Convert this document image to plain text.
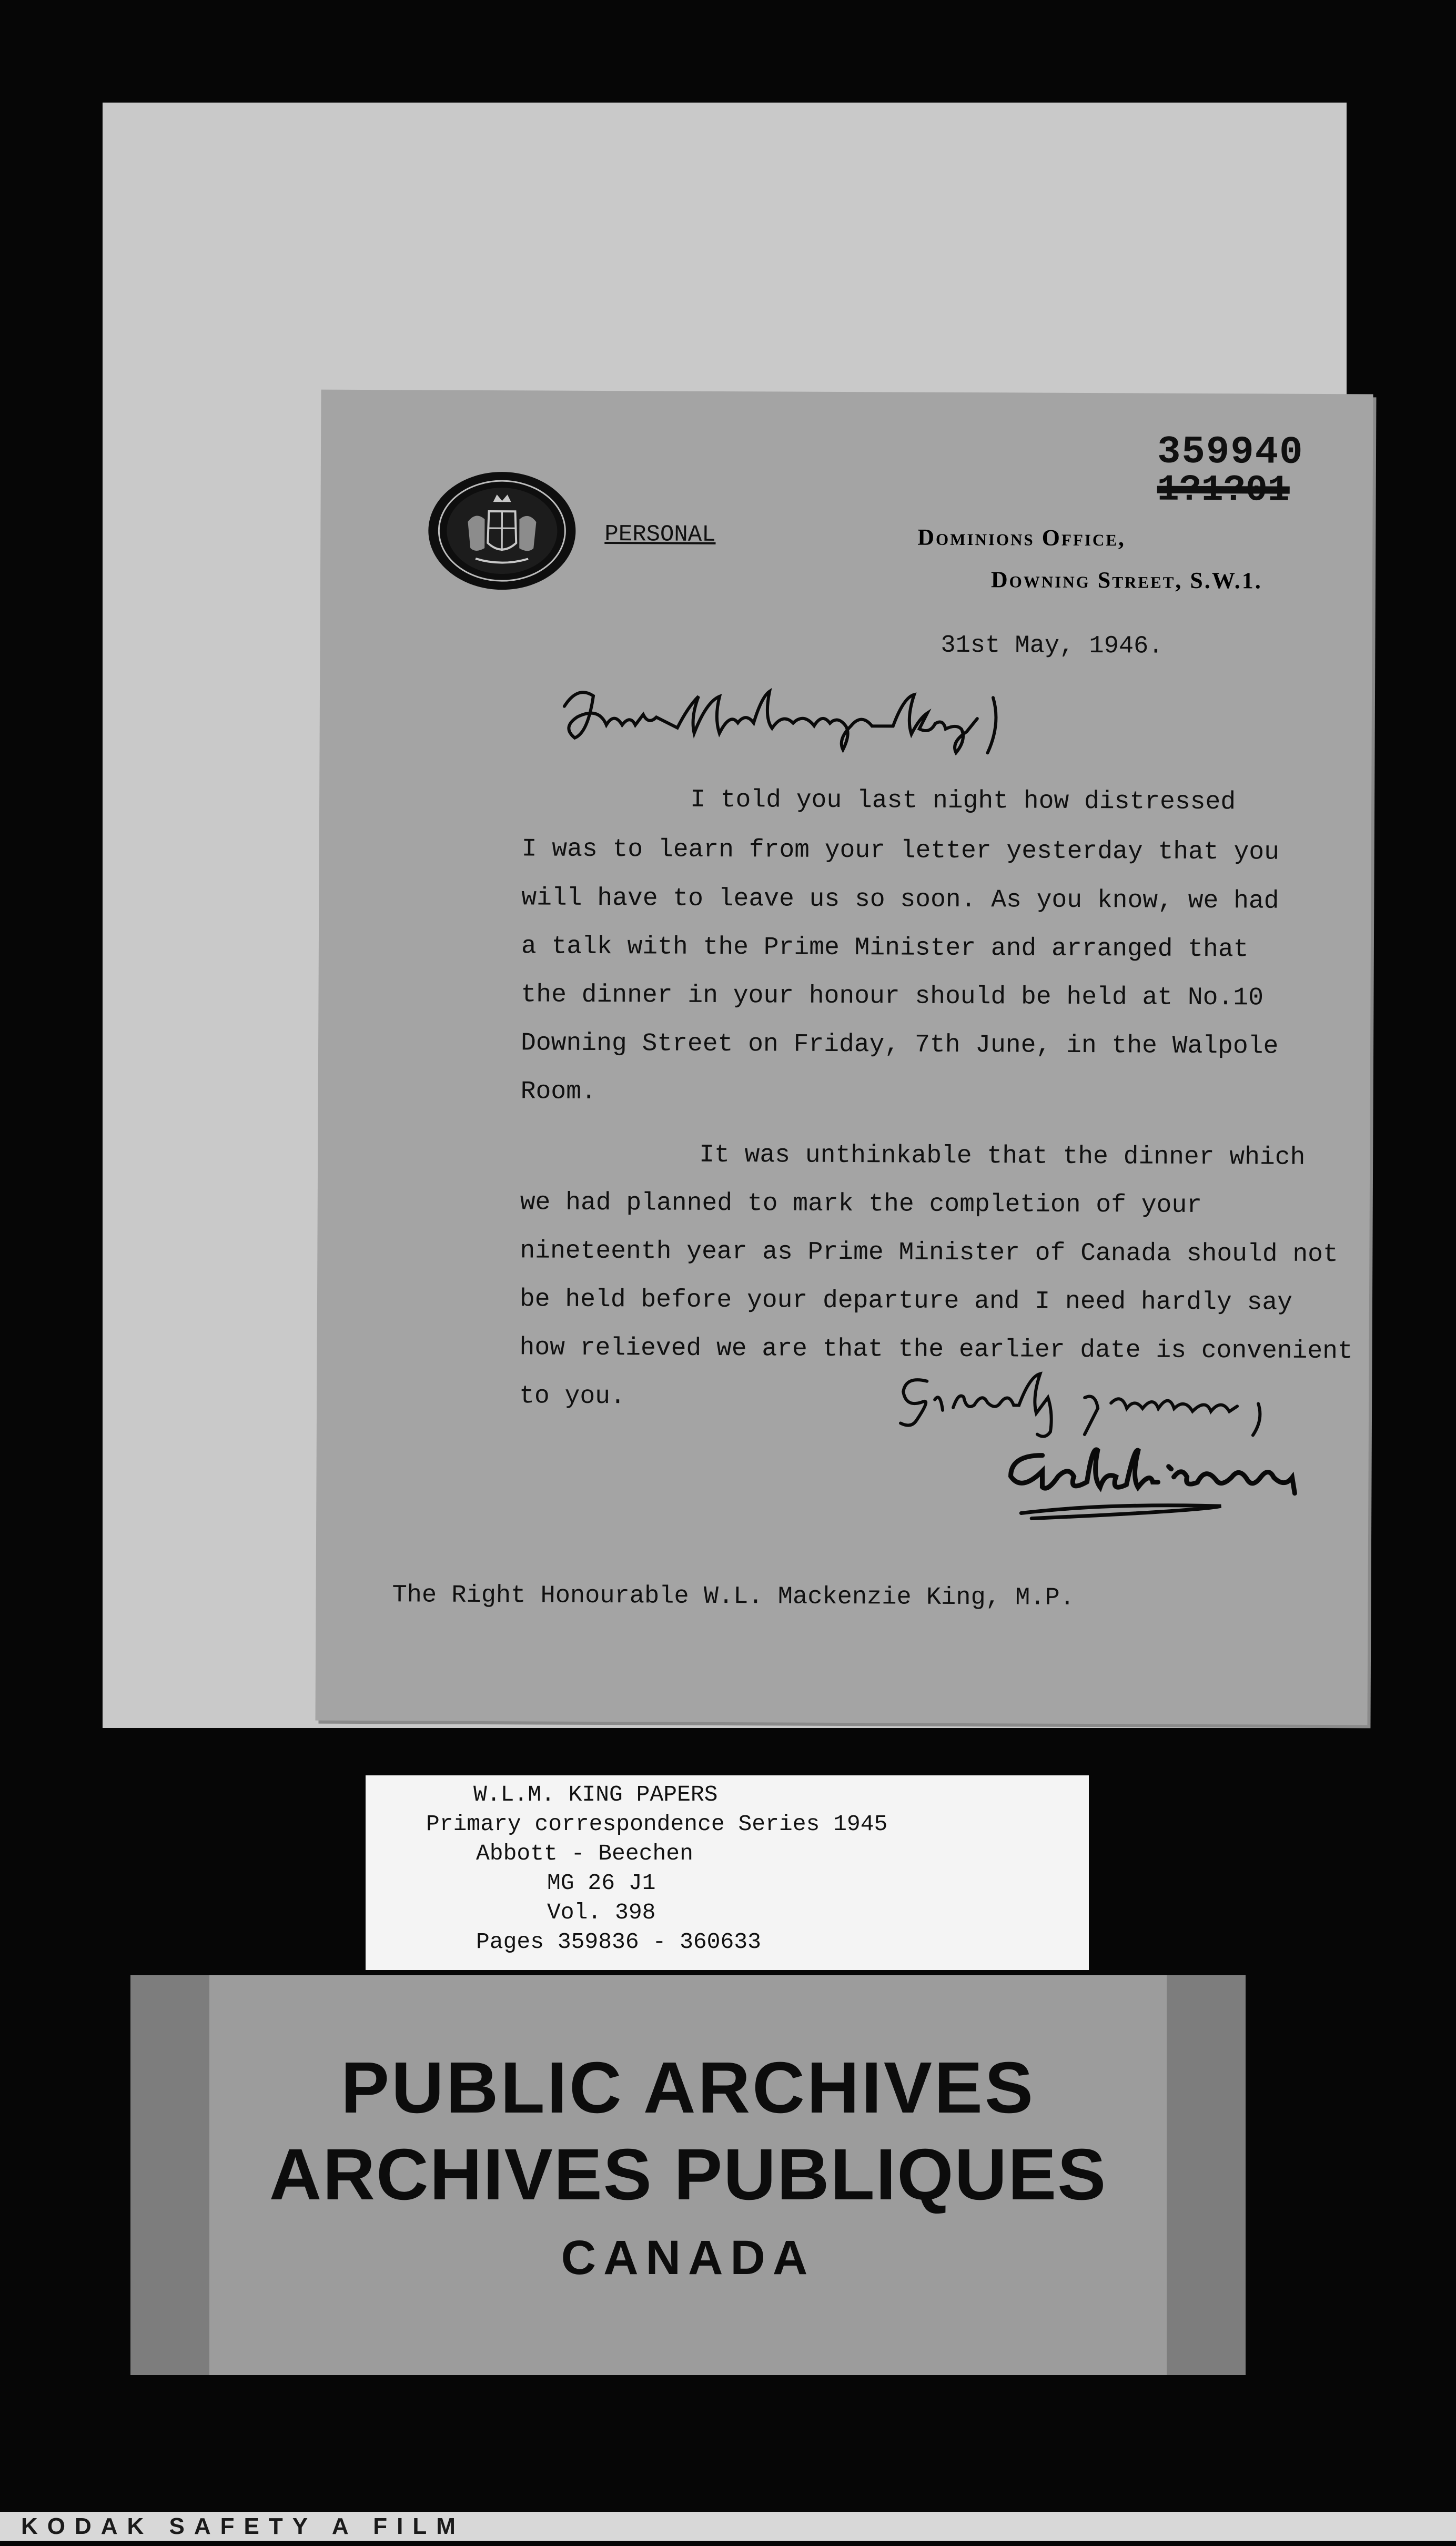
359940
1?1?01
PERSONAL	Dominions Office,
Downing Street, S.W.1.
31st May, 1946.
I told you last night how distressed
I was to learn from your letter yesterday that you
will have to leave us so soon. As you know, we had
a talk with the Prime Minister and arranged that
the dinner in your honour should be held at No.10
Downing Street on Friday, 7th June, in the Walpole
Room.
It was unthinkable that the dinner which
we had planned to mark the completion of your
nineteenth year as Prime Minister of Canada should not
be held before your departure and I need hardly say
how relieved we are that the earlier date is convenient
to you.
The Right Honourable W.L. Mackenzie King, M.P.
W.L.M. KING PAPERS
Primary correspondence Series 1945
Abbott - Beechen
MG 26 J1
Vol. 398
Pages 359836 - 360633
PUBLIC ARCHIVES
ARCHIVES PUBLIQUES
CANADA
KODAK SAFETY A FILM
